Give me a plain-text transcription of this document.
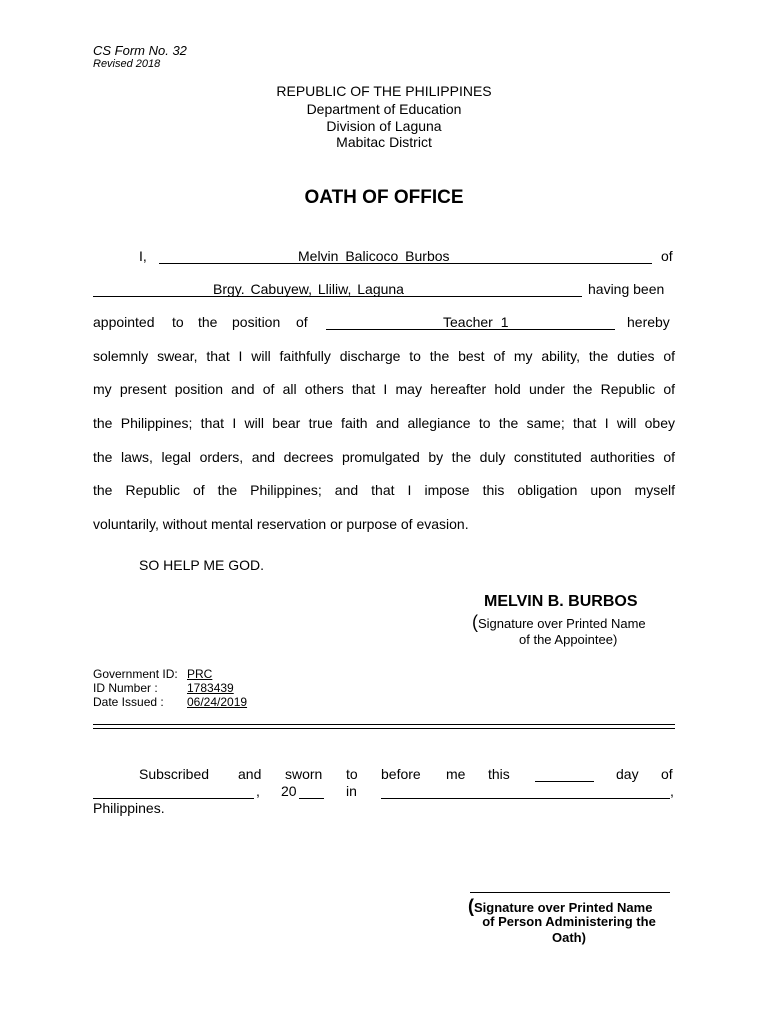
CS Form No. 32
Revised 2018
REPUBLIC OF THE PHILIPPINES
Department of Education
Division of Laguna
Mabitac District
OATH OF OFFICE
I,	Melvin Balicoco Burbos	of
Brgy. Cabuyew, Lliliw, Laguna	having been
appointed to the position of	Teacher 1	hereby
solemnly swear, that I will faithfully discharge to the best of my ability, the duties of
my present position and of all others that I may hereafter hold under the Republic of
the Philippines; that I will bear true faith and allegiance to the same; that I will obey
the laws, legal orders, and decrees promulgated by the duly constituted authorities of
the Republic of the Philippines; and that I impose this obligation upon myself
voluntarily, without mental reservation or purpose of evasion.
SO HELP ME GOD.
MELVIN B. BURBOS
(Signature over Printed Name
of the Appointee)
Government ID: PRC
ID Number : 1783439
Date Issued : 06/24/2019
Subscribed and sworn to before me this	day of
, 20	in	,
Philippines.
(Signature over Printed Name
of Person Administering the
Oath)
